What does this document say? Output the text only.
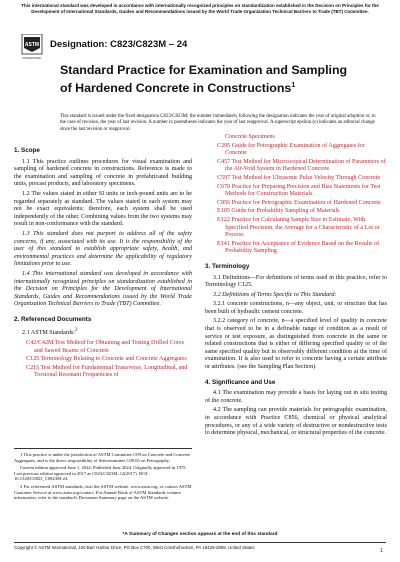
This international standard was developed in accordance with internationally recognized principles on standardization established in the Decision on Principles for the Development of International Standards, Guides and Recommendations issued by the World Trade Organization Technical Barriers to Trade (TBT) Committee.
ASTM
INTERNATIONAL
Designation: C823/C823M – 24
Standard Practice for Examination and Sampling of Hardened Concrete in Constructions$^1$
This standard is issued under the fixed designation C823/C823M; the number immediately following the designation indicates the year of original adoption or, in the case of revision, the year of last revision. A number in parentheses indicates the year of last reapproval. A superscript epsilon (ε) indicates an editorial change since the last revision or reapproval.
1. Scope

1.1 This practice outlines procedures for visual examination and sampling of hardened concrete in constructions. Reference is made to the examination and sampling of concrete in prefabricated building units, precast products, and laboratory specimens.

1.2 The values stated in either SI units or inch-pound units are to be regarded separately as standard. The values stated in each system may not be exact equivalents; therefore, each system shall be used independently of the other. Combining values from the two systems may result in non-conformance with the standard.

1.3 This standard does not purport to address all of the safety concerns, if any, associated with its use. It is the responsibility of the user of this standard to establish appropriate safety, health, and environmental practices and determine the applicability of regulatory limitations prior to use.

1.4 This international standard was developed in accordance with internationally recognized principles on standardization established in the Decision on Principles for the Development of International Standards, Guides and Recommendations issued by the World Trade Organization Technical Barriers to Trade (TBT) Committee.

2. Referenced Documents

2.1 ASTM Standards:$^2$

C42/C42M Test Method for Obtaining and Testing Drilled Cores and Sawed Beams of Concrete
C125 Terminology Relating to Concrete and Concrete Aggregates
C215 Test Method for Fundamental Transverse, Longitudinal, and Torsional Resonant Frequencies of

1 This practice is under the jurisdiction of ASTM Committee C09 on Concrete and Concrete Aggregates, and is the direct responsibility of Subcommittee C09.65 on Petrography.

Current edition approved June 1, 2024. Published June 2024. Originally approved in 1975. Last previous edition approved in 2017 as C823/C823M–12(2017). DOI: 10.1520/C0823_C0823M-24.

2 For referenced ASTM standards, visit the ASTM website, www.astm.org, or contact ASTM Customer Service at www.astm.org/contact. For Annual Book of ASTM Standards volume information, refer to the standard's Document Summary page on the ASTM website.

Concrete Specimens
C295 Guide for Petrographic Examination of Aggregates for Concrete
C457 Test Method for Microscopical Determination of Parameters of the Air-Void System in Hardened Concrete
C597 Test Method for Ultrasonic Pulse Velocity Through Concrete
C670 Practice for Preparing Precision and Bias Statements for Test Methods for Construction Materials
C856 Practice for Petrographic Examination of Hardened Concrete
E105 Guide for Probability Sampling of Materials
E122 Practice for Calculating Sample Size to Estimate, With Specified Precision, the Average for a Characteristic of a Lot or Process
E141 Practice for Acceptance of Evidence Based on the Results of Probability Sampling
3. Terminology

3.1 Definitions—For definitions of terms used in this practice, refer to Terminology C125.

3.2 Definitions of Terms Specific to This Standard:

3.2.1 concrete constructions, n—any object, unit, or structure that has been built of hydraulic cement concrete.

3.2.2 category of concrete, n—a specified level of quality in concrete that is observed to be in a definable range of condition as a result of service or test exposure, as distinguished from concrete in the same or related constructions that is either of differing specified quality or of the same specified quality but in observably different condition at the time of examination. It is also used to refer to concrete having a certain attribute or attributes. (see the Sampling Plan Section).

4. Significance and Use

4.1 The examination may provide a basis for laying out in situ testing of the concrete.

4.2 The sampling can provide materials for petrographic examination, in accordance with Practice C856, chemical or physical analytical procedures, or any of a wide variety of destructive or nondestructive tests to determine physical, mechanical, or structural properties of the concrete.

*A Summary of Changes section appears at the end of this standard
Copyright © ASTM International, 100 Barr Harbor Drive, PO Box C700, West Conshohocken, PA 19428-2959. United States
1
